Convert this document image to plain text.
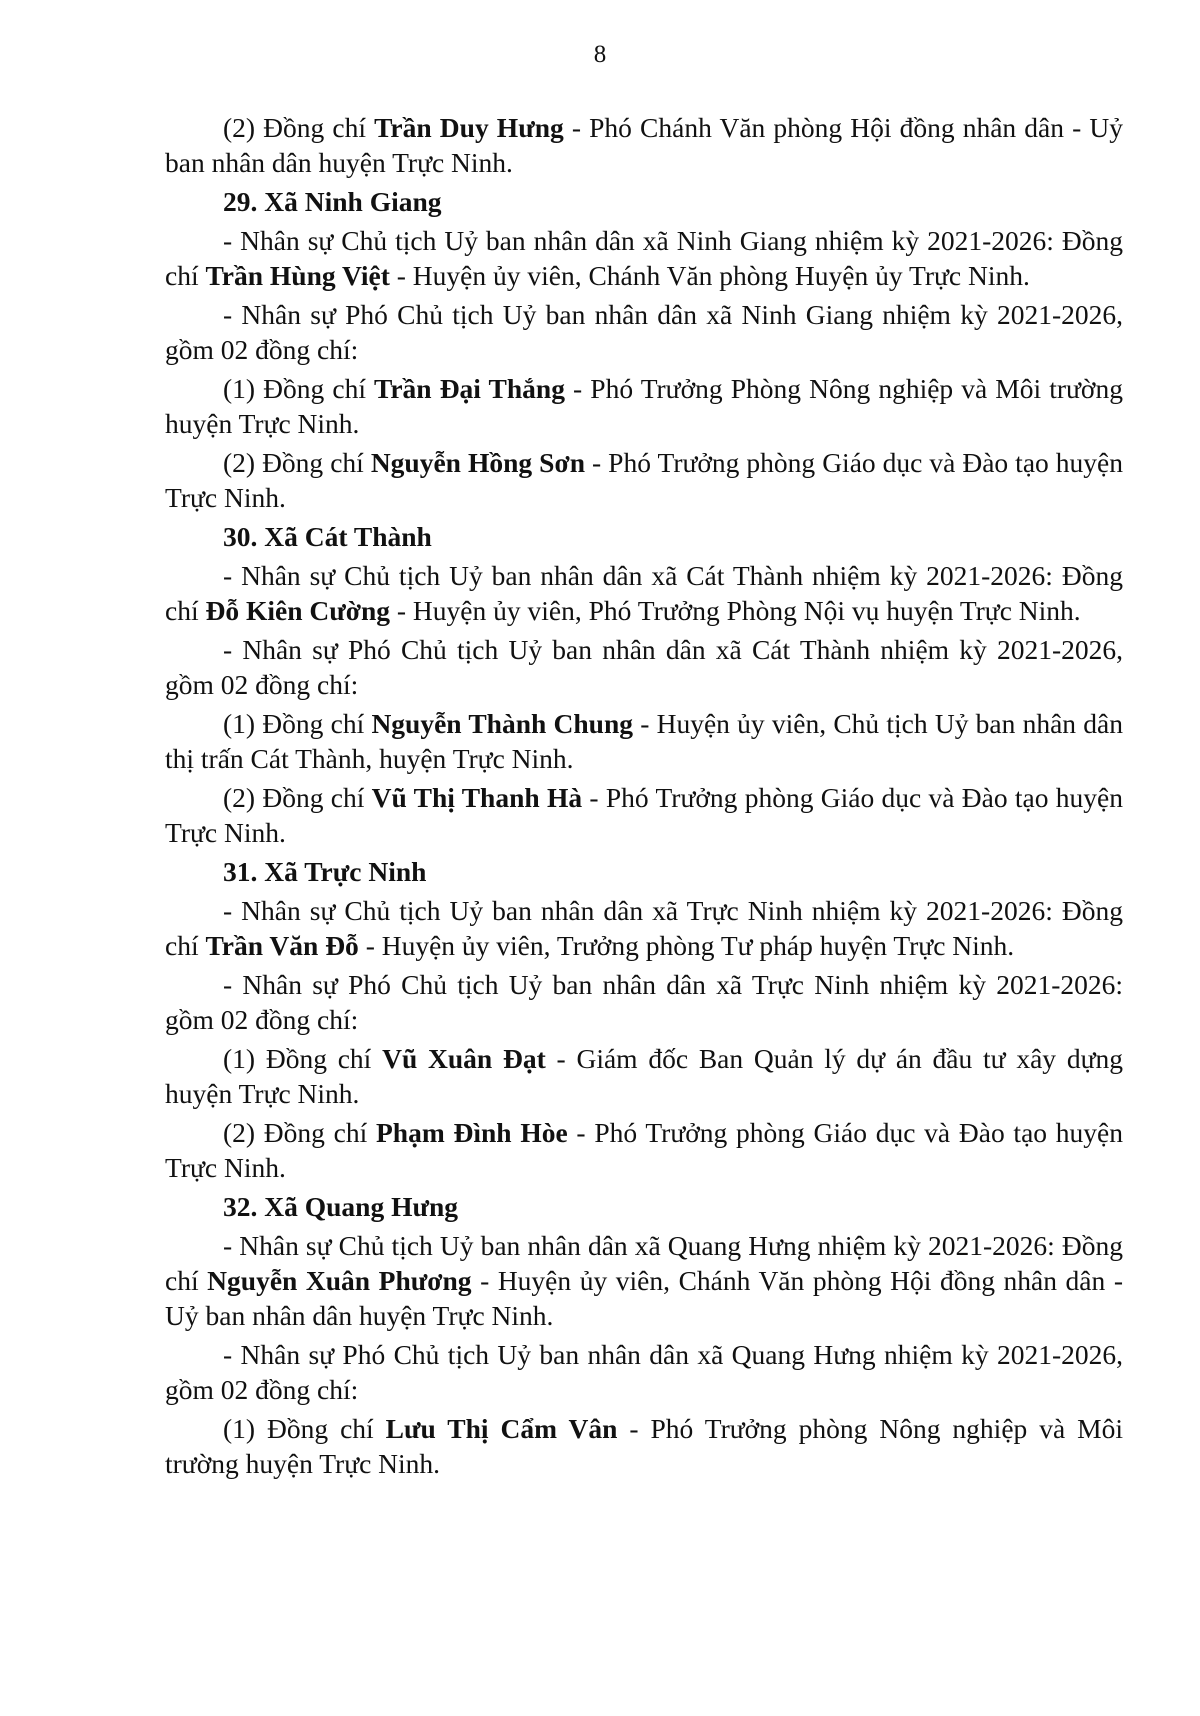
8

(2) Đồng chí Trần Duy Hưng - Phó Chánh Văn phòng Hội đồng nhân dân - Uỷ ban nhân dân huyện Trực Ninh.

29. Xã Ninh Giang

- Nhân sự Chủ tịch Uỷ ban nhân dân xã Ninh Giang nhiệm kỳ 2021-2026: Đồng chí Trần Hùng Việt - Huyện ủy viên, Chánh Văn phòng Huyện ủy Trực Ninh.

- Nhân sự Phó Chủ tịch Uỷ ban nhân dân xã Ninh Giang nhiệm kỳ 2021-2026, gồm 02 đồng chí:

(1) Đồng chí Trần Đại Thắng - Phó Trưởng Phòng Nông nghiệp và Môi trường huyện Trực Ninh.

(2) Đồng chí Nguyễn Hồng Sơn - Phó Trưởng phòng Giáo dục và Đào tạo huyện Trực Ninh.

30. Xã Cát Thành

- Nhân sự Chủ tịch Uỷ ban nhân dân xã Cát Thành nhiệm kỳ 2021-2026: Đồng chí Đỗ Kiên Cường - Huyện ủy viên, Phó Trưởng Phòng Nội vụ huyện Trực Ninh.

- Nhân sự Phó Chủ tịch Uỷ ban nhân dân xã Cát Thành nhiệm kỳ 2021-2026, gồm 02 đồng chí:

(1) Đồng chí Nguyễn Thành Chung - Huyện ủy viên, Chủ tịch Uỷ ban nhân dân thị trấn Cát Thành, huyện Trực Ninh.

(2) Đồng chí Vũ Thị Thanh Hà - Phó Trưởng phòng Giáo dục và Đào tạo huyện Trực Ninh.

31. Xã Trực Ninh

- Nhân sự Chủ tịch Uỷ ban nhân dân xã Trực Ninh nhiệm kỳ 2021-2026: Đồng chí Trần Văn Đỗ - Huyện ủy viên, Trưởng phòng Tư pháp huyện Trực Ninh.

- Nhân sự Phó Chủ tịch Uỷ ban nhân dân xã Trực Ninh nhiệm kỳ 2021-2026: gồm 02 đồng chí:

(1) Đồng chí Vũ Xuân Đạt - Giám đốc Ban Quản lý dự án đầu tư xây dựng huyện Trực Ninh.

(2) Đồng chí Phạm Đình Hòe - Phó Trưởng phòng Giáo dục và Đào tạo huyện Trực Ninh.

32. Xã Quang Hưng

- Nhân sự Chủ tịch Uỷ ban nhân dân xã Quang Hưng nhiệm kỳ 2021-2026: Đồng chí Nguyễn Xuân Phương - Huyện ủy viên, Chánh Văn phòng Hội đồng nhân dân - Uỷ ban nhân dân huyện Trực Ninh.

- Nhân sự Phó Chủ tịch Uỷ ban nhân dân xã Quang Hưng nhiệm kỳ 2021-2026, gồm 02 đồng chí:

(1) Đồng chí Lưu Thị Cẩm Vân - Phó Trưởng phòng Nông nghiệp và Môi trường huyện Trực Ninh.
